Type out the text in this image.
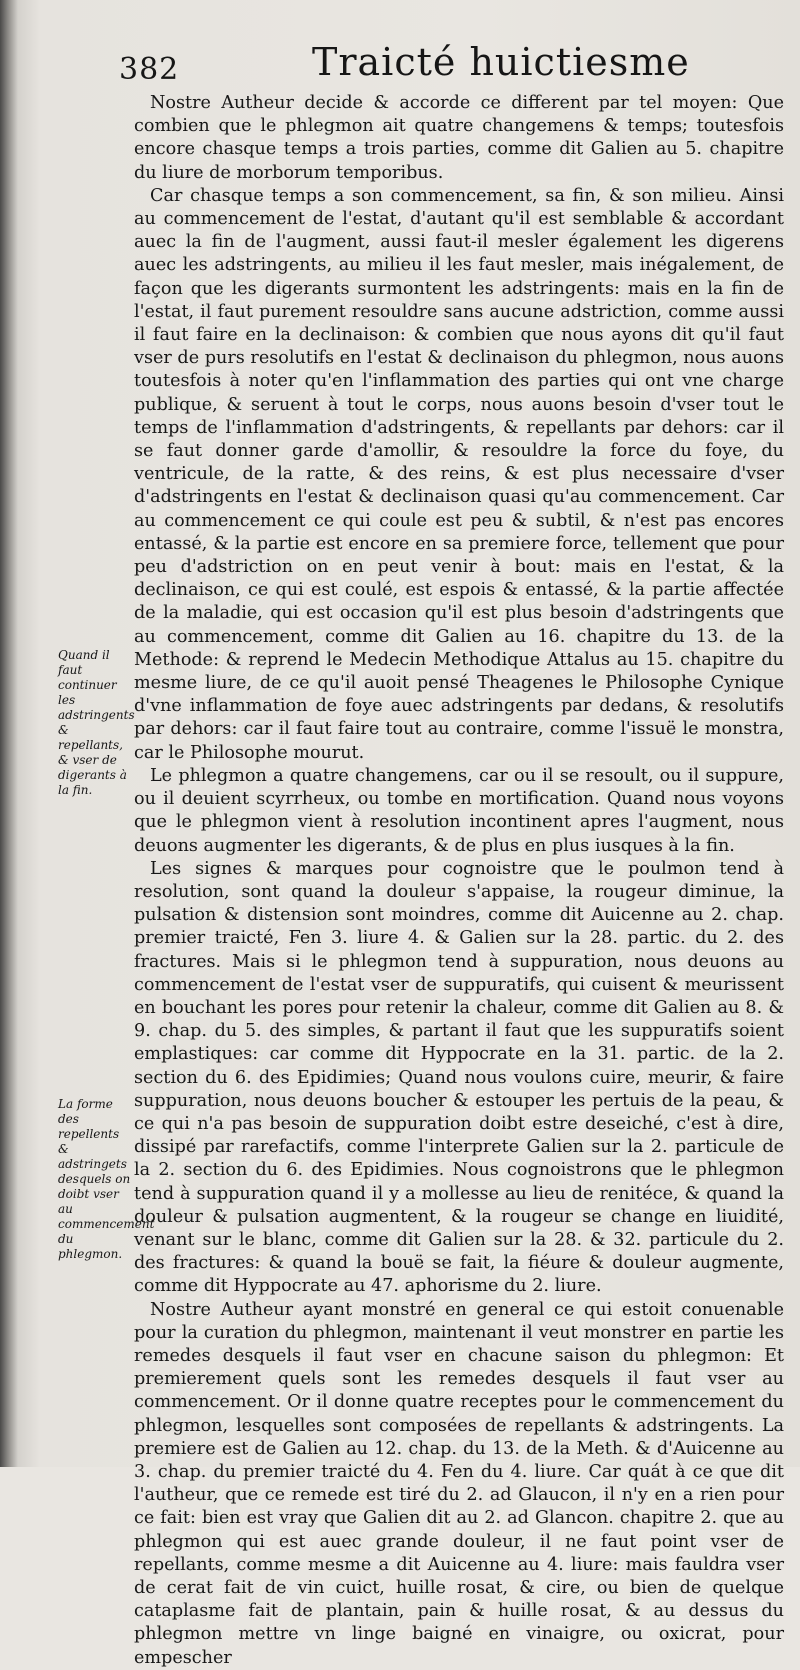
382	Traicté huictiesme

Nostre Autheur decide & accorde ce different par tel moyen: Que combien que le phlegmon ait quatre changemens & temps; toutesfois encore chasque temps a trois parties, comme dit Galien au 5. chapitre du liure de morborum temporibus.

Car chasque temps a son commencement, sa fin, & son milieu. Ainsi au commencement de l'estat, d'autant qu'il est semblable & accordant auec la fin de l'augment, aussi faut-il mesler également les digerens auec les adstringents, au milieu il les faut mesler, mais inégalement, de façon que les digerants surmontent les adstringents: mais en la fin de l'estat, il faut purement resouldre sans aucune adstriction, comme aussi il faut faire en la declinaison: & combien que nous ayons dit qu'il faut vser de purs resolutifs en l'estat & declinaison du phlegmon, nous auons toutesfois à noter qu'en l'inflammation des parties qui ont vne charge publique, & seruent à tout le corps, nous auons besoin d'vser tout le temps de l'inflammation d'adstringents, & repellants par dehors: car il se faut donner garde d'amollir, & resouldre la force du foye, du ventricule, de la ratte, & des reins, & est plus necessaire d'vser d'adstringents en l'estat & declinaison quasi qu'au commencement. Car au commencement ce qui coule est peu & subtil, & n'est pas encores entassé, & la partie est encore en sa premiere force, tellement que pour peu d'adstriction on en peut venir à bout: mais en l'estat, & la declinaison, ce qui est coulé, est espois & entassé, & la partie affectée de la maladie, qui est occasion qu'il est plus besoin d'adstringents que au commencement, comme dit Galien au 16. chapitre du 13. de la Methode: & reprend le Medecin Methodique Attalus au 15. chapitre du mesme liure, de ce qu'il auoit pensé Theagenes le Philosophe Cynique d'vne inflammation de foye auec adstringents par dedans, & resolutifs par dehors: car il faut faire tout au contraire, comme l'issuë le monstra, car le Philosophe mourut.

Le phlegmon a quatre changemens, car ou il se resoult, ou il suppure, ou il deuient scyrrheux, ou tombe en mortification. Quand nous voyons que le phlegmon vient à resolution incontinent apres l'augment, nous deuons augmenter les digerants, & de plus en plus iusques à la fin.

Les signes & marques pour cognoistre que le poulmon tend à resolution, sont quand la douleur s'appaise, la rougeur diminue, la pulsation & distension sont moindres, comme dit Auicenne au 2. chap. premier traicté, Fen 3. liure 4. & Galien sur la 28. partic. du 2. des fractures. Mais si le phlegmon tend à suppuration, nous deuons au commencement de l'estat vser de suppuratifs, qui cuisent & meurissent en bouchant les pores pour retenir la chaleur, comme dit Galien au 8. & 9. chap. du 5. des simples, & partant il faut que les suppuratifs soient emplastiques: car comme dit Hyppocrate en la 31. partic. de la 2. section du 6. des Epidimies; Quand nous voulons cuire, meurir, & faire suppuration, nous deuons boucher & estouper les pertuis de la peau, & ce qui n'a pas besoin de suppuration doibt estre deseiché, c'est à dire, dissipé par rarefactifs, comme l'interprete Galien sur la 2. particule de la 2. section du 6. des Epidimies. Nous cognoistrons que le phlegmon tend à suppuration quand il y a mollesse au lieu de renitéce, & quand la douleur & pulsation augmentent, & la rougeur se change en liuidité, venant sur le blanc, comme dit Galien sur la 28. & 32. particule du 2. des fractures: & quand la bouë se fait, la fiéure & douleur augmente, comme dit Hyppocrate au 47. aphorisme du 2. liure.

Nostre Autheur ayant monstré en general ce qui estoit conuenable pour la curation du phlegmon, maintenant il veut monstrer en partie les remedes desquels il faut vser en chacune saison du phlegmon: Et premierement quels sont les remedes desquels il faut vser au commencement. Or il donne quatre receptes pour le commencement du phlegmon, lesquelles sont composées de repellants & adstringents. La premiere est de Galien au 12. chap. du 13. de la Meth. & d'Auicenne au 3. chap. du premier traicté du 4. Fen du 4. liure. Car quát à ce que dit l'autheur, que ce remede est tiré du 2. ad Glaucon, il n'y en a rien pour ce fait: bien est vray que Galien dit au 2. ad Glancon. chapitre 2. que au phlegmon qui est auec grande douleur, il ne faut point vser de repellants, comme mesme a dit Auicenne au 4. liure: mais fauldra vser de cerat fait de vin cuict, huille rosat, & cire, ou bien de quelque cataplasme fait de plantain, pain & huille rosat, & au dessus du phlegmon mettre vn linge baigné en vinaigre, ou oxicrat, pour empescher

Quand il faut continuer les adstringents & repellants, & vser de digerants à la fin.
La forme des repellents & adstringets desquels on doibt vser au commencement du phlegmon.
